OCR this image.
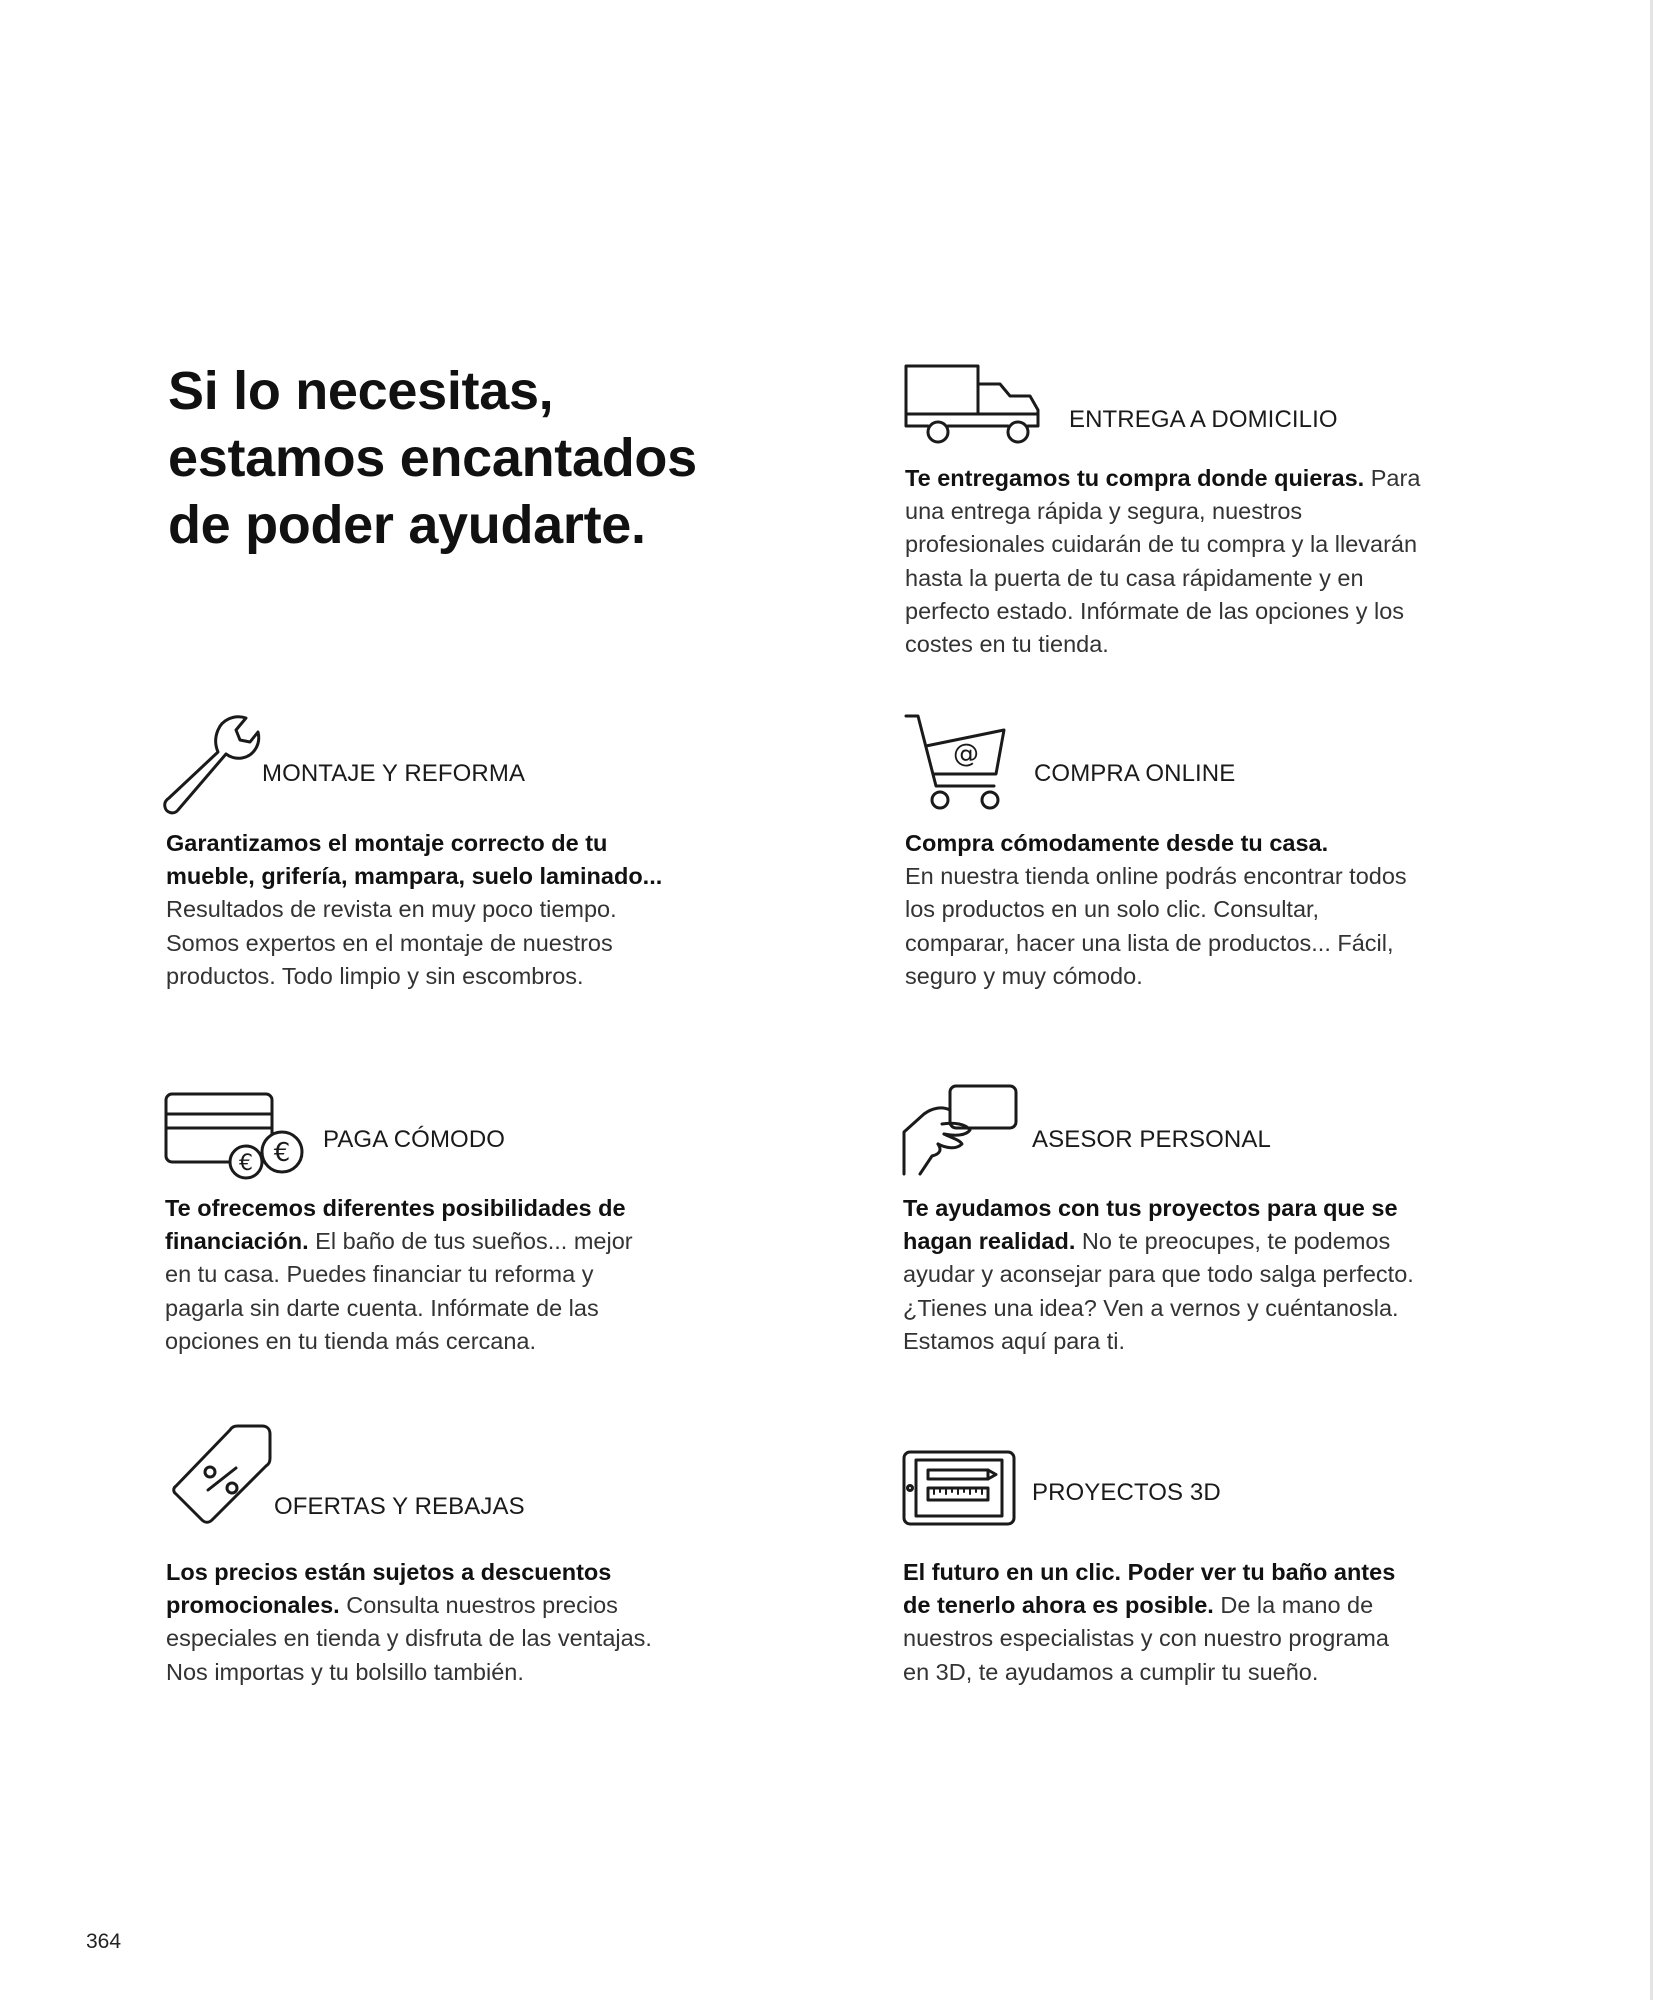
Si lo necesitas,
estamos encantados
de poder ayudarte.
ENTREGA A DOMICILIO

Te entregamos tu compra donde quieras. Para una entrega rápida y segura, nuestros profesionales cuidarán de tu compra y la llevarán hasta la puerta de tu casa rápidamente y en perfecto estado. Infórmate de las opciones y los costes en tu tienda.

MONTAJE Y REFORMA

Garantizamos el montaje correcto de tu mueble, grifería, mampara, suelo laminado... Resultados de revista en muy poco tiempo. Somos expertos en el montaje de nuestros productos. Todo limpio y sin escombros.

@
COMPRA ONLINE

Compra cómodamente desde tu casa.
En nuestra tienda online podrás encontrar todos los productos en un solo clic. Consultar, comparar, hacer una lista de productos... Fácil, seguro y muy cómodo.

€ € PAGA CÓMODO

Te ofrecemos diferentes posibilidades de financiación. El baño de tus sueños... mejor en tu casa. Puedes financiar tu reforma y pagarla sin darte cuenta. Infórmate de las opciones en tu tienda más cercana.

ASESOR PERSONAL

Te ayudamos con tus proyectos para que se hagan realidad. No te preocupes, te podemos ayudar y aconsejar para que todo salga perfecto. ¿Tienes una idea? Ven a vernos y cuéntanosla. Estamos aquí para ti.

OFERTAS Y REBAJAS

Los precios están sujetos a descuentos promocionales. Consulta nuestros precios especiales en tienda y disfruta de las ventajas. Nos importas y tu bolsillo también.

PROYECTOS 3D

El futuro en un clic. Poder ver tu baño antes de tenerlo ahora es posible. De la mano de nuestros especialistas y con nuestro programa en 3D, te ayudamos a cumplir tu sueño.

364
